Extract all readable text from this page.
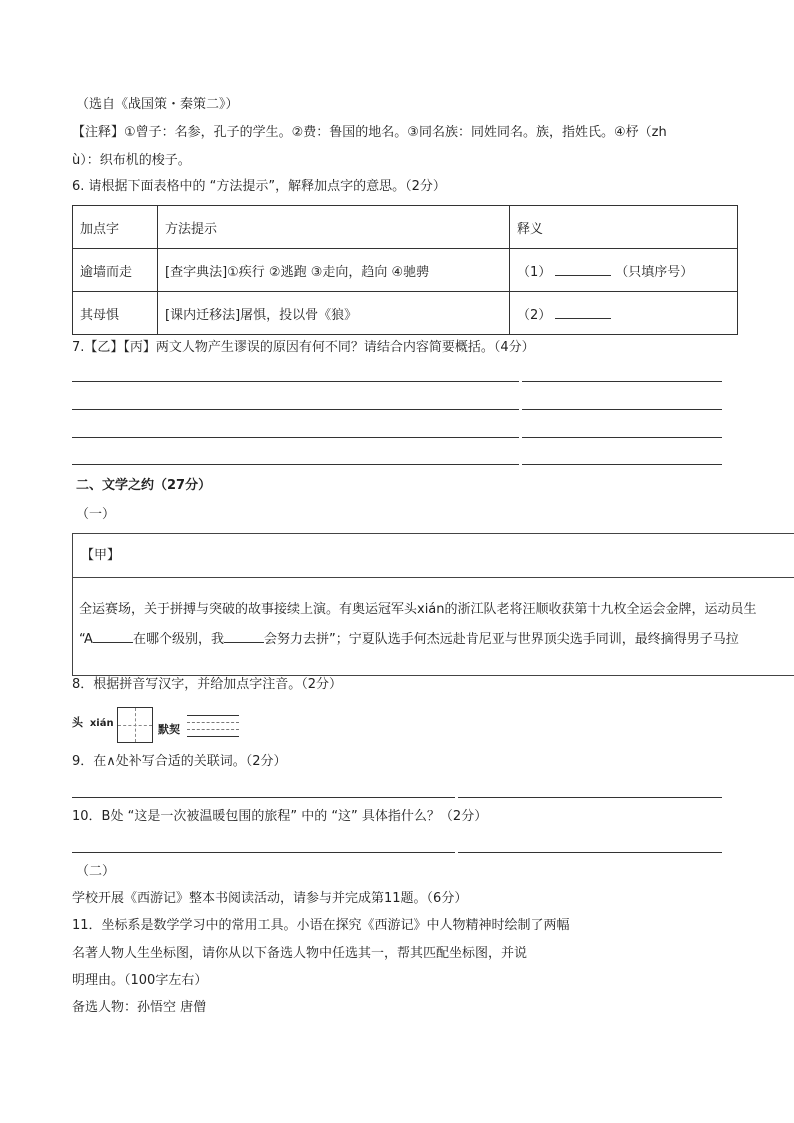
（选自《战国策・秦策二》）
【注释】①曾子：名参，孔子的学生。②费：鲁国的地名。③同名族：同姓同名。族，指姓氏。④杼（zh
ù）：织布机的梭子。
6. 请根据下面表格中的 “方法提示”，解释加点字的意思。（2分）
加点字	方法提示	释义
逾墙而走	[查字典法]①疾行 ②逃跑 ③走向，趋向 ④驰骋	（1） （只填序号）
其母惧	[课内迁移法]屠惧，投以骨《狼》	（2）
7.【乙】【丙】两文人物产生谬误的原因有何不同？请结合内容简要概括。（4分）
二、文学之约（27分）
（一）
【甲】
全运赛场，关于拼搏与突破的故事接续上演。有奥运冠军头xián的浙江队老将汪顺收获第十九枚全运会金牌，运动员生
“A	在哪个级别，我	会努力去拼”；宁夏队选手何杰远赴肯尼亚与世界顶尖选手同训，最终摘得男子马拉
8．根据拼音写汉字，并给加点字注音。（2分）
头 xián	默契
9．在∧处补写合适的关联词。（2分）
10．B处 “这是一次被温暖包围的旅程” 中的 “这” 具体指什么？（2分）
（二）
学校开展《西游记》整本书阅读活动，请参与并完成第11题。（6分）
11．坐标系是数学学习中的常用工具。小语在探究《西游记》中人物精神时绘制了两幅
名著人物人生坐标图，请你从以下备选人物中任选其一，帮其匹配坐标图，并说
明理由。（100字左右）
备选人物：孙悟空 唐僧
